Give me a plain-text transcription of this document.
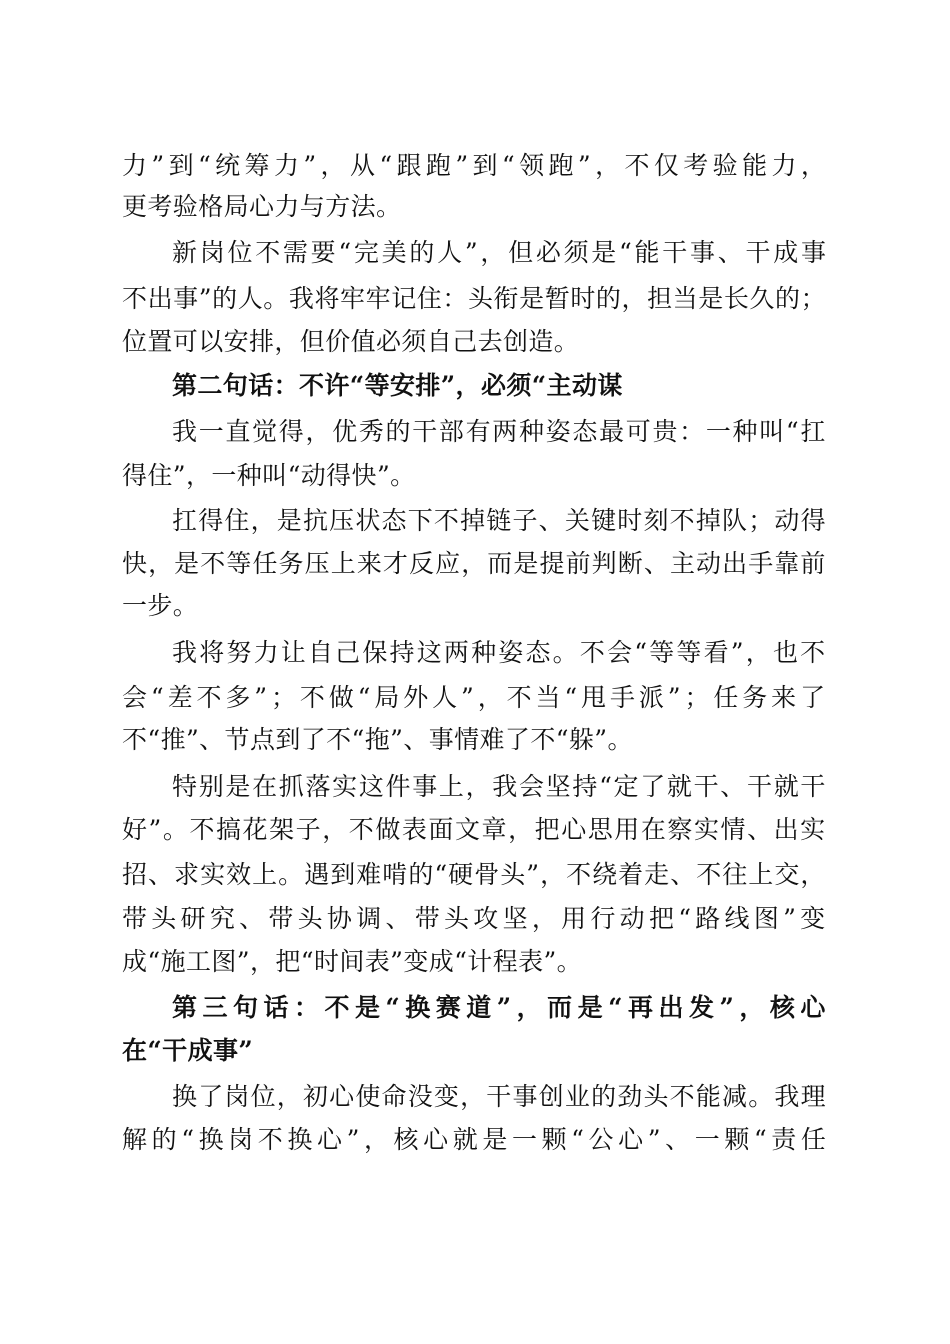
力”到“统筹力”，从“跟跑”到“领跑”，不仅考验能力，
更考验格局心力与方法。
新岗位不需要“完美的人”，但必须是“能干事、干成事
不出事”的人。我将牢牢记住：头衔是暂时的，担当是长久的；
位置可以安排，但价值必须自己去创造。
第二句话：不许“等安排”，必须“主动谋
我一直觉得，优秀的干部有两种姿态最可贵：一种叫“扛
得住”，一种叫“动得快”。
扛得住，是抗压状态下不掉链子、关键时刻不掉队；动得
快，是不等任务压上来才反应，而是提前判断、主动出手靠前
一步。
我将努力让自己保持这两种姿态。不会“等等看”，也不
会“差不多”；不做“局外人”，不当“甩手派”；任务来了
不“推”、节点到了不“拖”、事情难了不“躲”。
特别是在抓落实这件事上，我会坚持“定了就干、干就干
好”。不搞花架子，不做表面文章，把心思用在察实情、出实
招、求实效上。遇到难啃的“硬骨头”，不绕着走、不往上交，
带头研究、带头协调、带头攻坚，用行动把“路线图”变
成“施工图”，把“时间表”变成“计程表”。
第三句话：不是“换赛道”，而是“再出发”，核心
在“干成事”
换了岗位，初心使命没变，干事创业的劲头不能减。我理
解的“换岗不换心”，核心就是一颗“公心”、一颗“责任
